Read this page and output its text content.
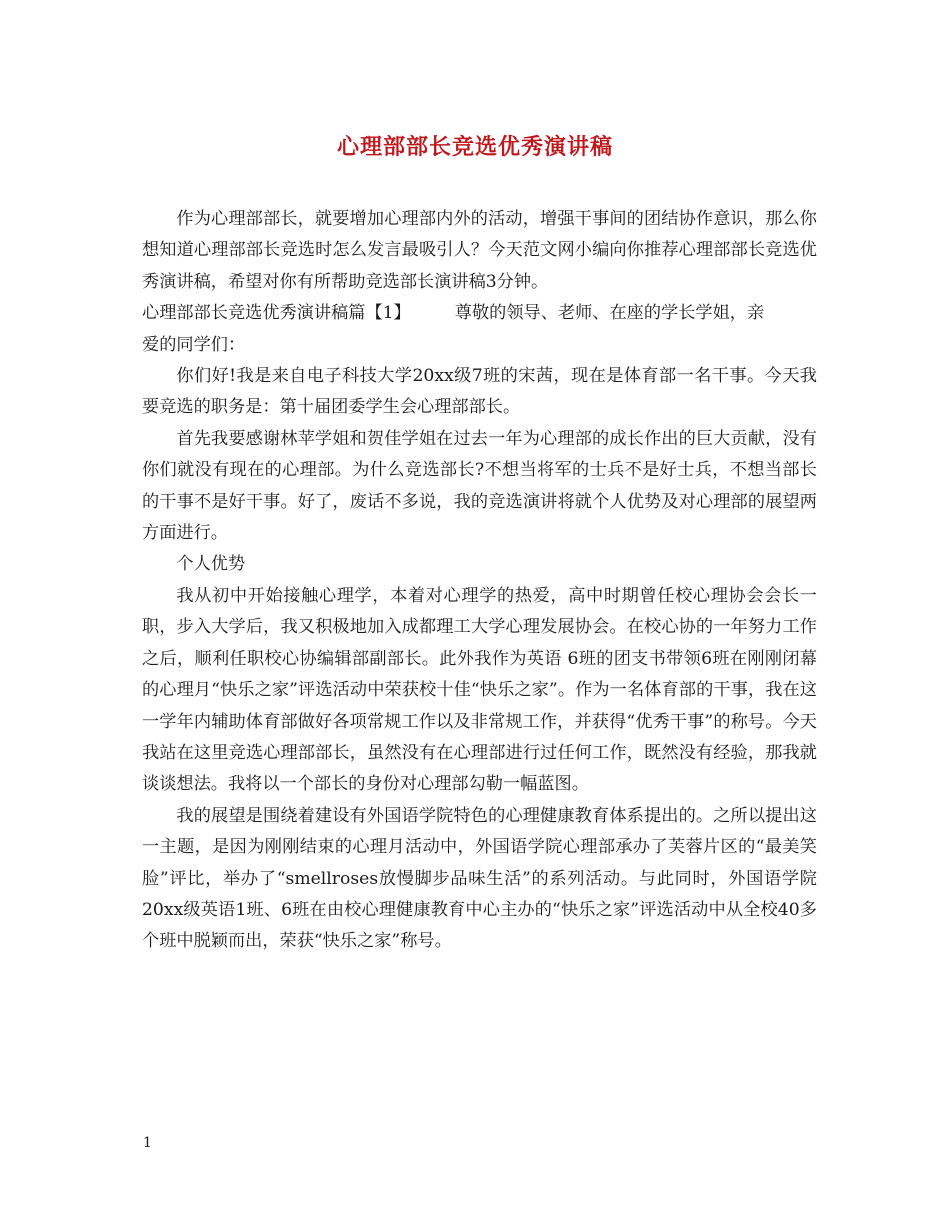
心理部部长竞选优秀演讲稿

作为心理部部长，就要增加心理部内外的活动，增强干事间的团结协作意识，那么你想知道心理部部长竞选时怎么发言最吸引人？今天范文网小编向你推荐心理部部长竞选优秀演讲稿，希望对你有所帮助竞选部长演讲稿3分钟。

心理部部长竞选优秀演讲稿篇【1】	尊敬的领导、老师、在座的学长学姐，亲

爱的同学们：

你们好!我是来自电子科技大学20xx级7班的宋茜，现在是体育部一名干事。今天我要竞选的职务是：第十届团委学生会心理部部长。

首先我要感谢林苹学姐和贺佳学姐在过去一年为心理部的成长作出的巨大贡献，没有你们就没有现在的心理部。为什么竞选部长?不想当将军的士兵不是好士兵，不想当部长的干事不是好干事。好了，废话不多说，我的竞选演讲将就个人优势及对心理部的展望两方面进行。

个人优势

我从初中开始接触心理学，本着对心理学的热爱，高中时期曾任校心理协会会长一职，步入大学后，我又积极地加入成都理工大学心理发展协会。在校心协的一年努力工作之后，顺利任职校心协编辑部副部长。此外我作为英语 6班的团支书带领6班在刚刚闭幕的心理月“快乐之家”评选活动中荣获校十佳“快乐之家”。作为一名体育部的干事，我在这一学年内辅助体育部做好各项常规工作以及非常规工作，并获得“优秀干事”的称号。今天我站在这里竞选心理部部长，虽然没有在心理部进行过任何工作，既然没有经验，那我就谈谈想法。我将以一个部长的身份对心理部勾勒一幅蓝图。

我的展望是围绕着建设有外国语学院特色的心理健康教育体系提出的。之所以提出这一主题，是因为刚刚结束的心理月活动中，外国语学院心理部承办了芙蓉片区的“最美笑脸”评比，举办了“smellroses放慢脚步品味生活”的系列活动。与此同时，外国语学院20xx级英语1班、6班在由校心理健康教育中心主办的“快乐之家”评选活动中从全校40多个班中脱颖而出，荣获“快乐之家”称号。

1
